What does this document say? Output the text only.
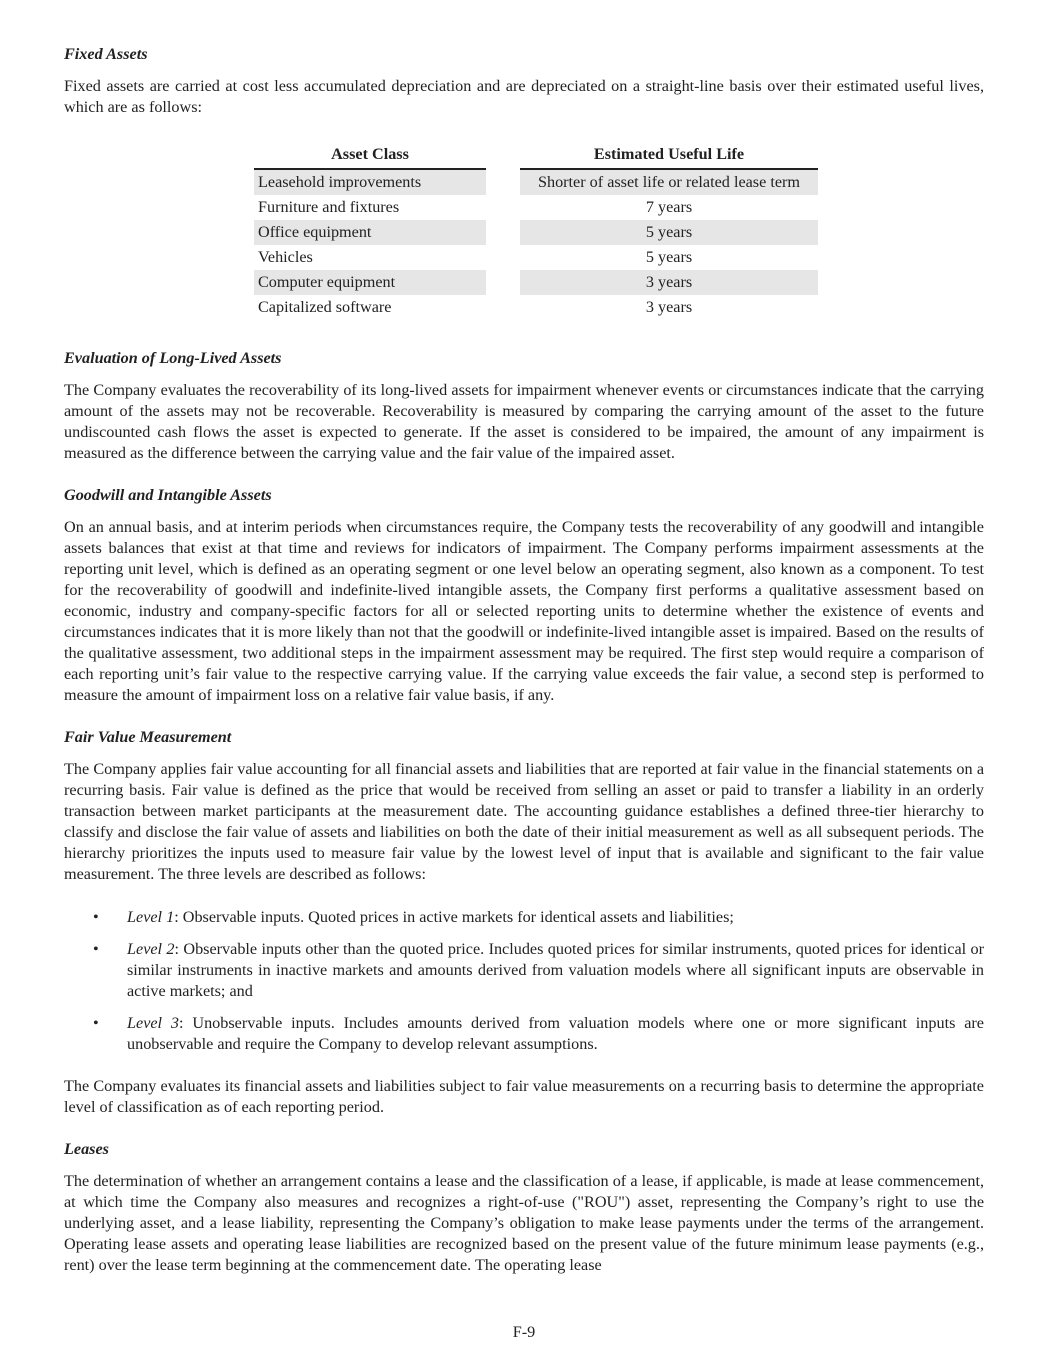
Fixed Assets

Fixed assets are carried at cost less accumulated depreciation and are depreciated on a straight-line basis over their estimated useful lives, which are as follows:

Asset Class		Estimated Useful Life
Leasehold improvements		Shorter of asset life or related lease term
Furniture and fixtures		7 years
Office equipment		5 years
Vehicles		5 years
Computer equipment		3 years
Capitalized software		3 years
Evaluation of Long-Lived Assets

The Company evaluates the recoverability of its long-lived assets for impairment whenever events or circumstances indicate that the carrying amount of the assets may not be recoverable. Recoverability is measured by comparing the carrying amount of the asset to the future undiscounted cash flows the asset is expected to generate. If the asset is considered to be impaired, the amount of any impairment is measured as the difference between the carrying value and the fair value of the impaired asset.

Goodwill and Intangible Assets

On an annual basis, and at interim periods when circumstances require, the Company tests the recoverability of any goodwill and intangible assets balances that exist at that time and reviews for indicators of impairment. The Company performs impairment assessments at the reporting unit level, which is defined as an operating segment or one level below an operating segment, also known as a component. To test for the recoverability of goodwill and indefinite-lived intangible assets, the Company first performs a qualitative assessment based on economic, industry and company-specific factors for all or selected reporting units to determine whether the existence of events and circumstances indicates that it is more likely than not that the goodwill or indefinite-lived intangible asset is impaired. Based on the results of the qualitative assessment, two additional steps in the impairment assessment may be required. The first step would require a comparison of each reporting unit’s fair value to the respective carrying value. If the carrying value exceeds the fair value, a second step is performed to measure the amount of impairment loss on a relative fair value basis, if any.

Fair Value Measurement

The Company applies fair value accounting for all financial assets and liabilities that are reported at fair value in the financial statements on a recurring basis. Fair value is defined as the price that would be received from selling an asset or paid to transfer a liability in an orderly transaction between market participants at the measurement date. The accounting guidance establishes a defined three-tier hierarchy to classify and disclose the fair value of assets and liabilities on both the date of their initial measurement as well as all subsequent periods. The hierarchy prioritizes the inputs used to measure fair value by the lowest level of input that is available and significant to the fair value measurement. The three levels are described as follows:

• Level 1: Observable inputs. Quoted prices in active markets for identical assets and liabilities;
• Level 2: Observable inputs other than the quoted price. Includes quoted prices for similar instruments, quoted prices for identical or similar instruments in inactive markets and amounts derived from valuation models where all significant inputs are observable in active markets; and
• Level 3: Unobservable inputs. Includes amounts derived from valuation models where one or more significant inputs are unobservable and require the Company to develop relevant assumptions.

The Company evaluates its financial assets and liabilities subject to fair value measurements on a recurring basis to determine the appropriate level of classification as of each reporting period.

Leases

The determination of whether an arrangement contains a lease and the classification of a lease, if applicable, is made at lease commencement, at which time the Company also measures and recognizes a right-of-use ("ROU") asset, representing the Company’s right to use the underlying asset, and a lease liability, representing the Company’s obligation to make lease payments under the terms of the arrangement. Operating lease assets and operating lease liabilities are recognized based on the present value of the future minimum lease payments (e.g., rent) over the lease term beginning at the commencement date. The operating lease

F-9
